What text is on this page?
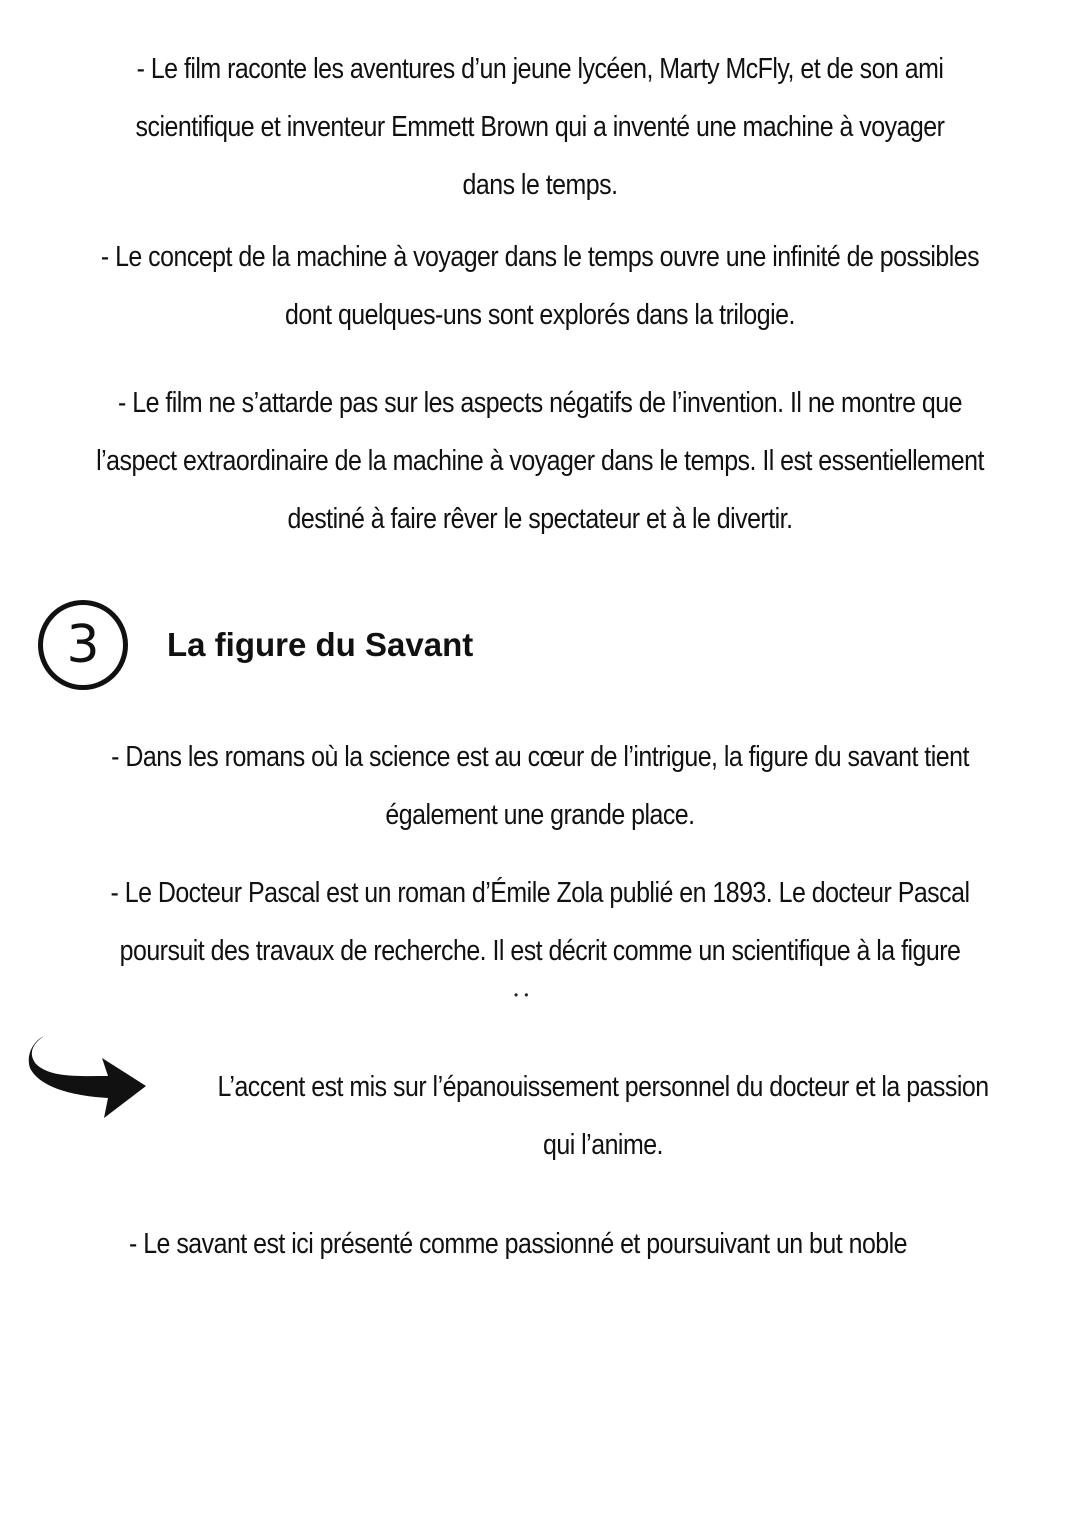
- Le film raconte les aventures d’un jeune lycéen, Marty McFly, et de son ami
scientifique et inventeur Emmett Brown qui a inventé une machine à voyager
dans le temps.
- Le concept de la machine à voyager dans le temps ouvre une infinité de possibles
dont quelques-uns sont explorés dans la trilogie.
- Le film ne s’attarde pas sur les aspects négatifs de l’invention. Il ne montre que
l’aspect extraordinaire de la machine à voyager dans le temps. Il est essentiellement
destiné à faire rêver le spectateur et à le divertir.
3	La figure du Savant
- Dans les romans où la science est au cœur de l’intrigue, la figure du savant tient
également une grande place.
- Le Docteur Pascal est un roman d’Émile Zola publié en 1893. Le docteur Pascal
poursuit des travaux de recherche. Il est décrit comme un scientifique à la figure
••
L’accent est mis sur l’épanouissement personnel du docteur et la passion
qui l’anime.
- Le savant est ici présenté comme passionné et poursuivant un but noble
